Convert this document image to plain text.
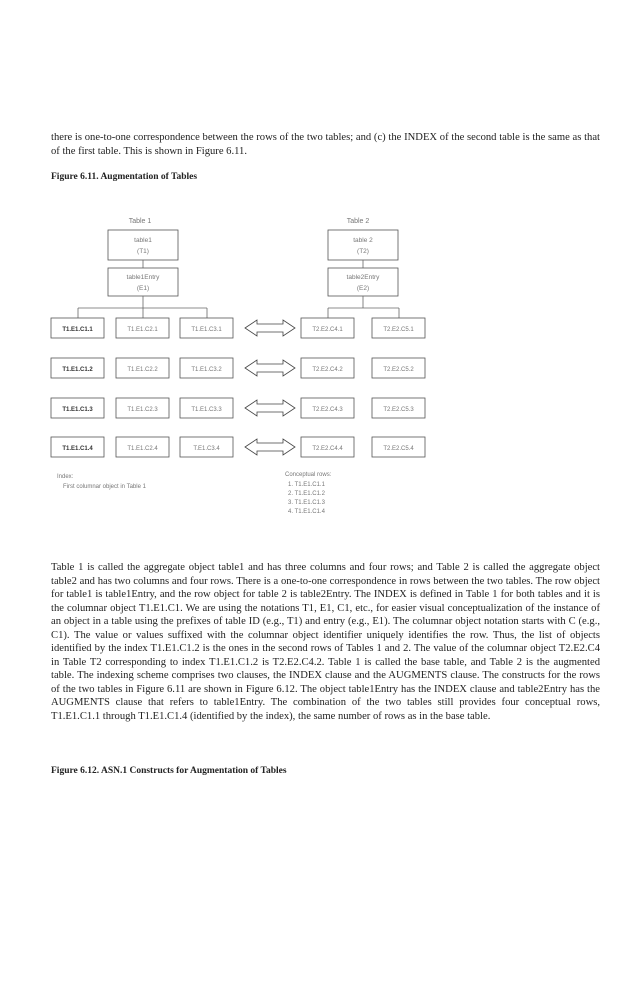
there is one-to-one correspondence between the rows of the two tables; and (c) the INDEX of the second table is the same as that of the first table. This is shown in Figure 6.11.

Figure 6.11. Augmentation of Tables

Table 1	Table 2
table1
(T1)
table 2
(T2)
table1Entry
(E1)
table2Entry
(E2)
T1.E1.C1.1	T1.E1.C2.1	T1.E1.C3.1	T2.E2.C4.1	T2.E2.C5.1
T1.E1.C1.2	T1.E1.C2.2	T1.E1.C3.2	T2.E2.C4.2	T2.E2.C5.2
T1.E1.C1.3	T1.E1.C2.3	T1.E1.C3.3	T2.E2.C4.3	T2.E2.C5.3
T1.E1.C1.4	T1.E1.C2.4	T.E1.C3.4	T2.E2.C4.4	T2.E2.C5.4
Index:
First columnar object in Table 1
Conceptual rows:
1. T1.E1.C1.1
2. T1.E1.C1.2
3. T1.E1.C1.3
4. T1.E1.C1.4

Table 1 is called the aggregate object table1 and has three columns and four rows; and Table 2 is called the aggregate object table2 and has two columns and four rows. There is a one-to-one correspondence in rows between the two tables. The row object for table1 is table1Entry, and the row object for table 2 is table2Entry. The INDEX is defined in Table 1 for both tables and it is the columnar object T1.E1.C1. We are using the notations T1, E1, C1, etc., for easier visual conceptualization of the instance of an object in a table using the prefixes of table ID (e.g., T1) and entry (e.g., E1). The columnar object notation starts with C (e.g., C1). The value or values suffixed with the columnar object identifier uniquely identifies the row. Thus, the list of objects identified by the index T1.E1.C1.2 is the ones in the second rows of Tables 1 and 2. The value of the columnar object T2.E2.C4 in Table T2 corresponding to index T1.E1.C1.2 is T2.E2.C4.2. Table 1 is called the base table, and Table 2 is the augmented table. The indexing scheme comprises two clauses, the INDEX clause and the AUGMENTS clause. The constructs for the rows of the two tables in Figure 6.11 are shown in Figure 6.12. The object table1Entry has the INDEX clause and table2Entry has the AUGMENTS clause that refers to table1Entry. The combination of the two tables still provides four conceptual rows, T1.E1.C1.1 through T1.E1.C1.4 (identified by the index), the same number of rows as in the base table.

Figure 6.12. ASN.1 Constructs for Augmentation of Tables
